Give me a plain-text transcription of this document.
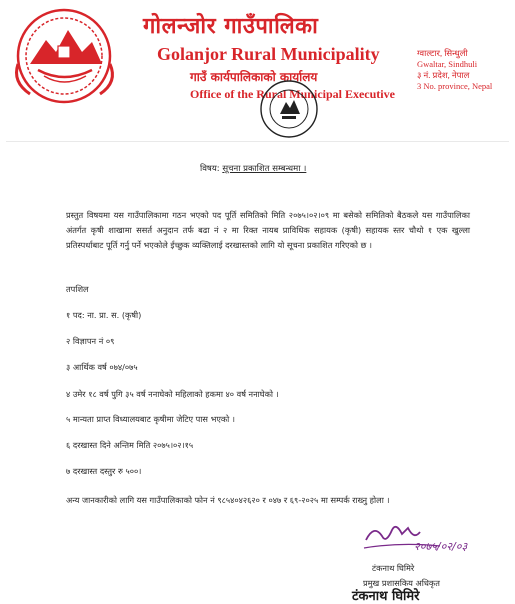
गोलन्जोर गाउँपालिका
Golanjor Rural Municipality
गाउँ कार्यपालिकाको कार्यालय
Office of the Rural Municipal Executive
ग्वाल्टार, सिन्धुली
Gwaltar, Sindhuli
३ नं. प्रदेश, नेपाल
3 No. province, Nepal
विषय: सूचना प्रकाशित सम्बन्धमा ।
प्रस्तुत विषयमा यस गाउँपालिकामा गठन भएको पद पूर्ति समितिको मिति २०७५।०२।०९ मा बसेको समितिको बैठकले यस गाउँपालिका अंतर्गत कृषी शाखामा ससर्त अनुदान तर्फ बढा नं २ मा रिक्त नायब प्राविधिक सहायक (कृषी) सहायक स्तर चौथो १ एक खुल्ला प्रतिस्पर्धाबाट पूर्ति गर्नु पर्ने भएकोले ईच्छुक व्यक्तिलाई दरखास्तको लागि यो सूचना प्रकाशित गरिएको छ ।
तपशिल
१ पद: ना. प्रा. स. (कृषी)
२ विज्ञापन नं ०९
३ आर्थिक वर्ष ०७४/०७५
४ उमेर १८ वर्ष पुगि ३५ वर्ष ननाघेको महिलाको हकमा ४० वर्ष ननाघेको ।
५ मान्यता प्राप्त विध्यालयबाट कृषीमा जेटिए पास भएको ।
६ दरखास्त दिने अन्तिम मिति २०७५।०२।१५
७ दरखास्त दस्तुर रु ५००।
अन्य जानकारीको लागि यस गाउँपालिकाको फोन नं ९८५४०४२६२० र ०४७ र ६९-२०२५ मा सम्पर्क राख्नु होला ।
२०७५/०२/०३
टंकनाथ घिमिरे
प्रमुख प्रशासकिय अधिकृत
टंकनाथ घिमिरे
